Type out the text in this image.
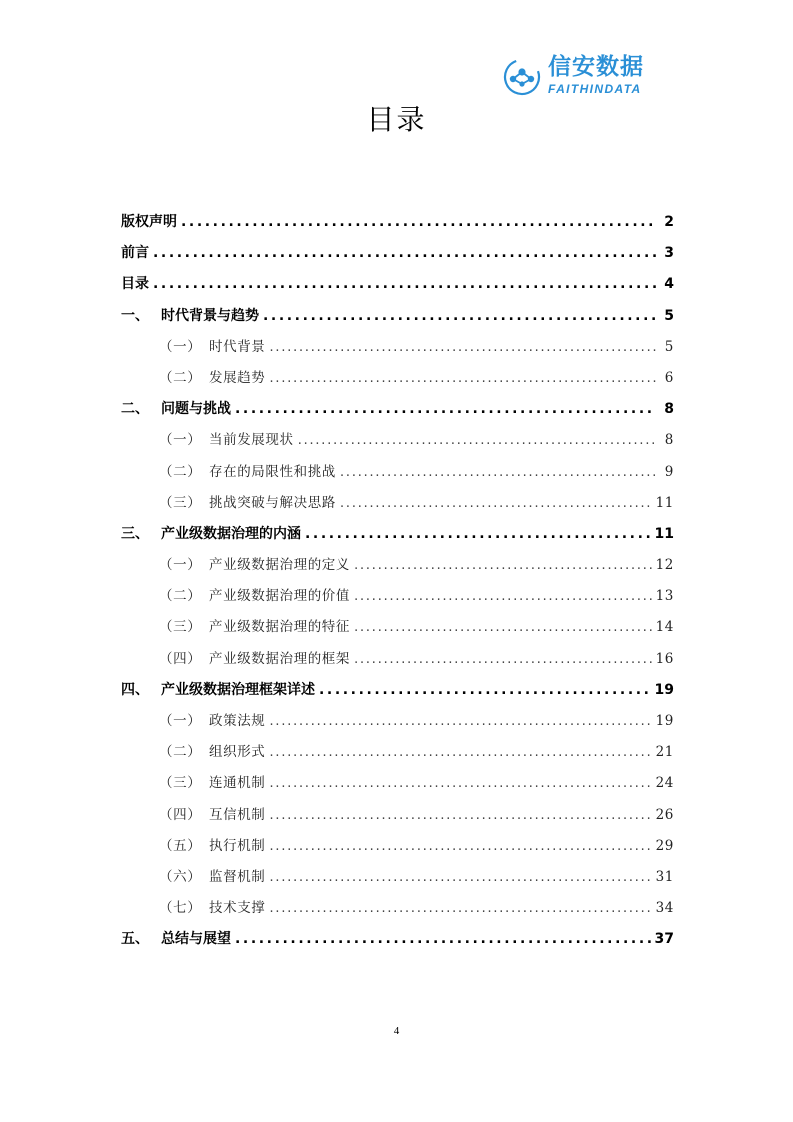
信安数据
FAITHINDATA
目录
版权声明 .....	2
前言 .....	3
目录 .....	4
一、 时代背景与趋势 .....	5
（一） 时代背景 .....	5
（二） 发展趋势 .....	6
二、 问题与挑战 .....	8
（一） 当前发展现状 .....	8
（二） 存在的局限性和挑战 .....	9
（三） 挑战突破与解决思路 .....	11
三、 产业级数据治理的内涵 .....	11
（一） 产业级数据治理的定义 .....	12
（二） 产业级数据治理的价值 .....	13
（三） 产业级数据治理的特征 .....	14
（四） 产业级数据治理的框架 .....	16
四、 产业级数据治理框架详述 .....	19
（一） 政策法规 .....	19
（二） 组织形式 .....	21
（三） 连通机制 .....	24
（四） 互信机制 .....	26
（五） 执行机制 .....	29
（六） 监督机制 .....	31
（七） 技术支撑 .....	34
五、 总结与展望 .....	37
4
